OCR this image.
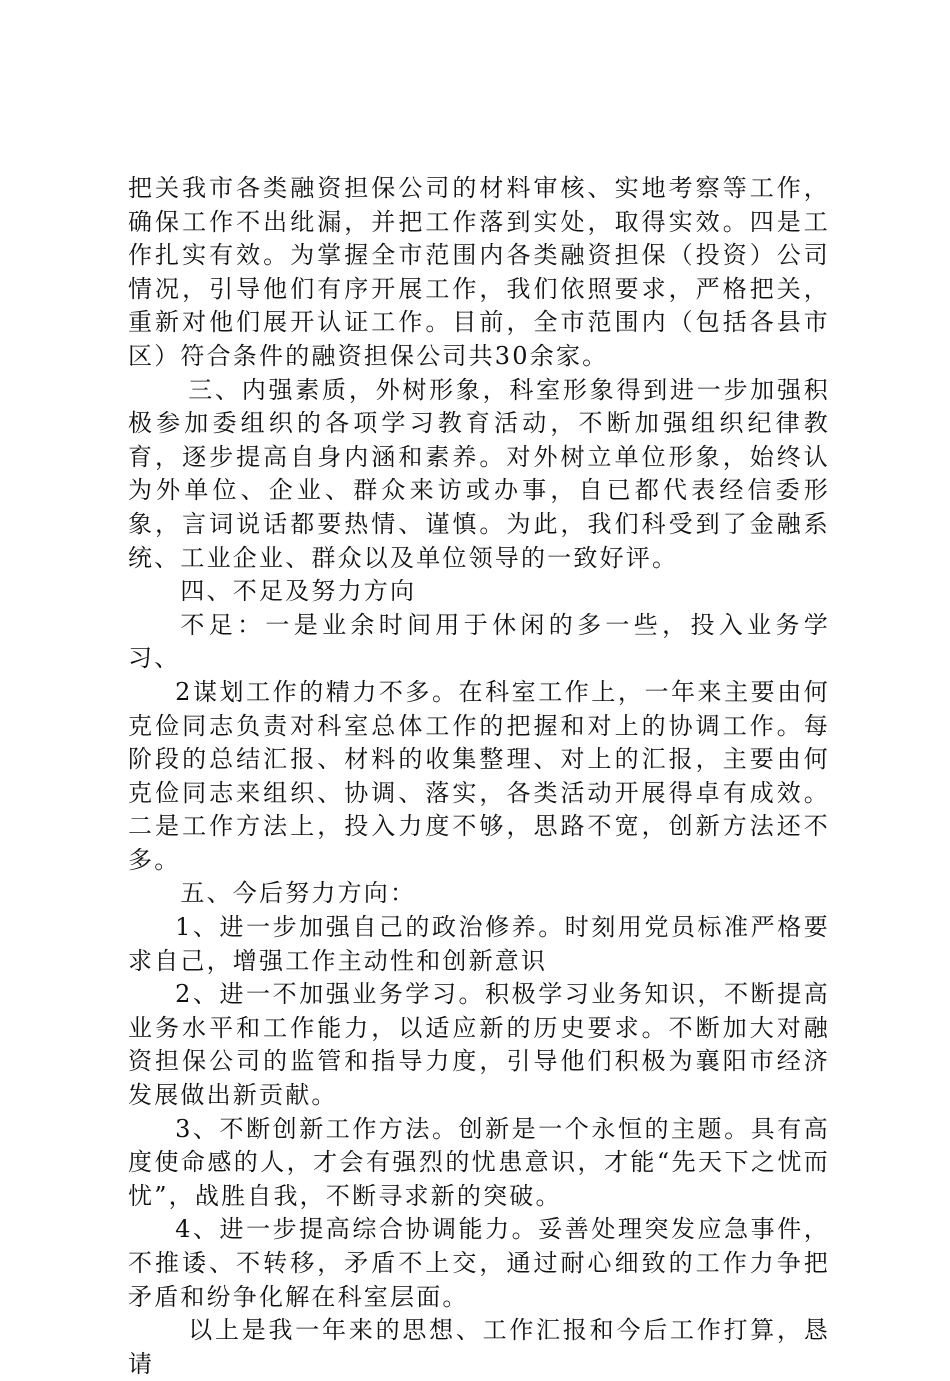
把关我市各类融资担保公司的材料审核、实地考察等工作，确保工作不出纰漏，并把工作落到实处，取得实效。四是工作扎实有效。为掌握全市范围内各类融资担保（投资）公司情况，引导他们有序开展工作，我们依照要求，严格把关，重新对他们展开认证工作。目前，全市范围内（包括各县市区）符合条件的融资担保公司共30余家。

三、内强素质，外树形象，科室形象得到进一步加强积极参加委组织的各项学习教育活动，不断加强组织纪律教育，逐步提高自身内涵和素养。对外树立单位形象，始终认为外单位、企业、群众来访或办事，自已都代表经信委形象，言词说话都要热情、谨慎。为此，我们科受到了金融系统、工业企业、群众以及单位领导的一致好评。

四、不足及努力方向

不足：一是业余时间用于休闲的多一些，投入业务学习、

2谋划工作的精力不多。在科室工作上，一年来主要由何克俭同志负责对科室总体工作的把握和对上的协调工作。每阶段的总结汇报、材料的收集整理、对上的汇报，主要由何克俭同志来组织、协调、落实，各类活动开展得卓有成效。二是工作方法上，投入力度不够，思路不宽，创新方法还不多。

五、今后努力方向：

1、进一步加强自己的政治修养。时刻用党员标准严格要求自己，增强工作主动性和创新意识

2、进一不加强业务学习。积极学习业务知识，不断提高业务水平和工作能力，以适应新的历史要求。不断加大对融资担保公司的监管和指导力度，引导他们积极为襄阳市经济发展做出新贡献。

3、不断创新工作方法。创新是一个永恒的主题。具有高度使命感的人，才会有强烈的忧患意识，才能“先天下之忧而忧”，战胜自我，不断寻求新的突破。

4、进一步提高综合协调能力。妥善处理突发应急事件，不推诿、不转移，矛盾不上交，通过耐心细致的工作力争把矛盾和纷争化解在科室层面。

以上是我一年来的思想、工作汇报和今后工作打算，恳请
